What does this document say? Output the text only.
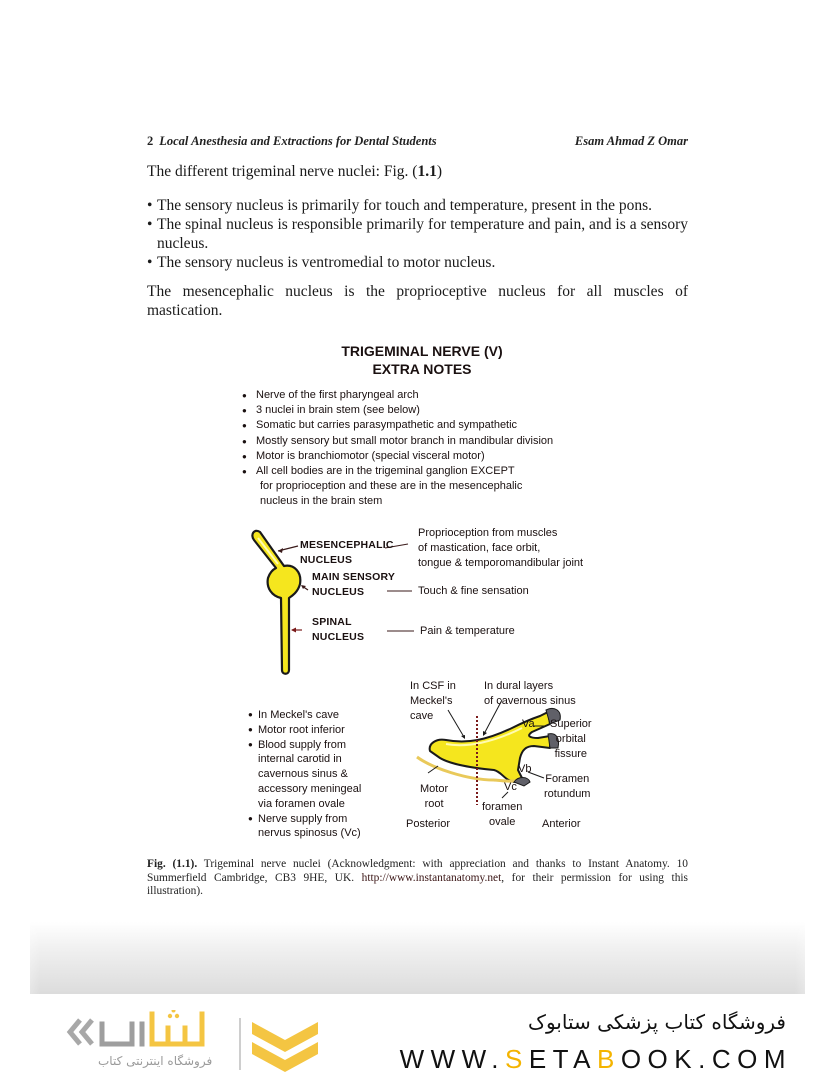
2 Local Anesthesia and Extractions for Dental Students	Esam Ahmad Z Omar
The different trigeminal nerve nuclei: Fig. (1.1)
• The sensory nucleus is primarily for touch and temperature, present in the pons.
• The spinal nucleus is responsible primarily for temperature and pain, and is a sensory nucleus.
• The sensory nucleus is ventromedial to motor nucleus.
The mesencephalic nucleus is the proprioceptive nucleus for all muscles of mastication.
TRIGEMINAL NERVE (V)
EXTRA NOTES
● Nerve of the first pharyngeal arch
● 3 nuclei in brain stem (see below)
● Somatic but carries parasympathetic and sympathetic
● Mostly sensory but small motor branch in mandibular division
● Motor is branchiomotor (special visceral motor)
● All cell bodies are in the trigeminal ganglion EXCEPT
for proprioception and these are in the mesencephalic
nucleus in the brain stem
MESENCEPHALIC
NUCLEUS
MAIN SENSORY
NUCLEUS
SPINAL
NUCLEUS
Proprioception from muscles
of mastication, face orbit,
tongue & temporomandibular joint
Touch & fine sensation
Pain & temperature
● In Meckel's cave
● Motor root inferior
● Blood supply from
internal carotid in
cavernous sinus &
accessory meningeal
via foramen ovale
● Nerve supply from
nervus spinosus (Vc)
In CSF in
Meckel's
cave
In dural layers
of cavernous sinus
Va Superior
orbital
fissure
Vb
Foramen
rotundum
Vc
foramen
ovale
Motor
root
Posterior	Anterior
Fig. (1.1). Trigeminal nerve nuclei (Acknowledgment: with appreciation and thanks to Instant Anatomy. 10 Summerfield Cambridge, CB3 9HE, UK. http://www.instantanatomy.net, for their permission for using this illustration).
فروشگاه اینترنتی کتاب
فروشگاه کتاب پزشکی ستابوک
WWW.SETABOOK.COM
